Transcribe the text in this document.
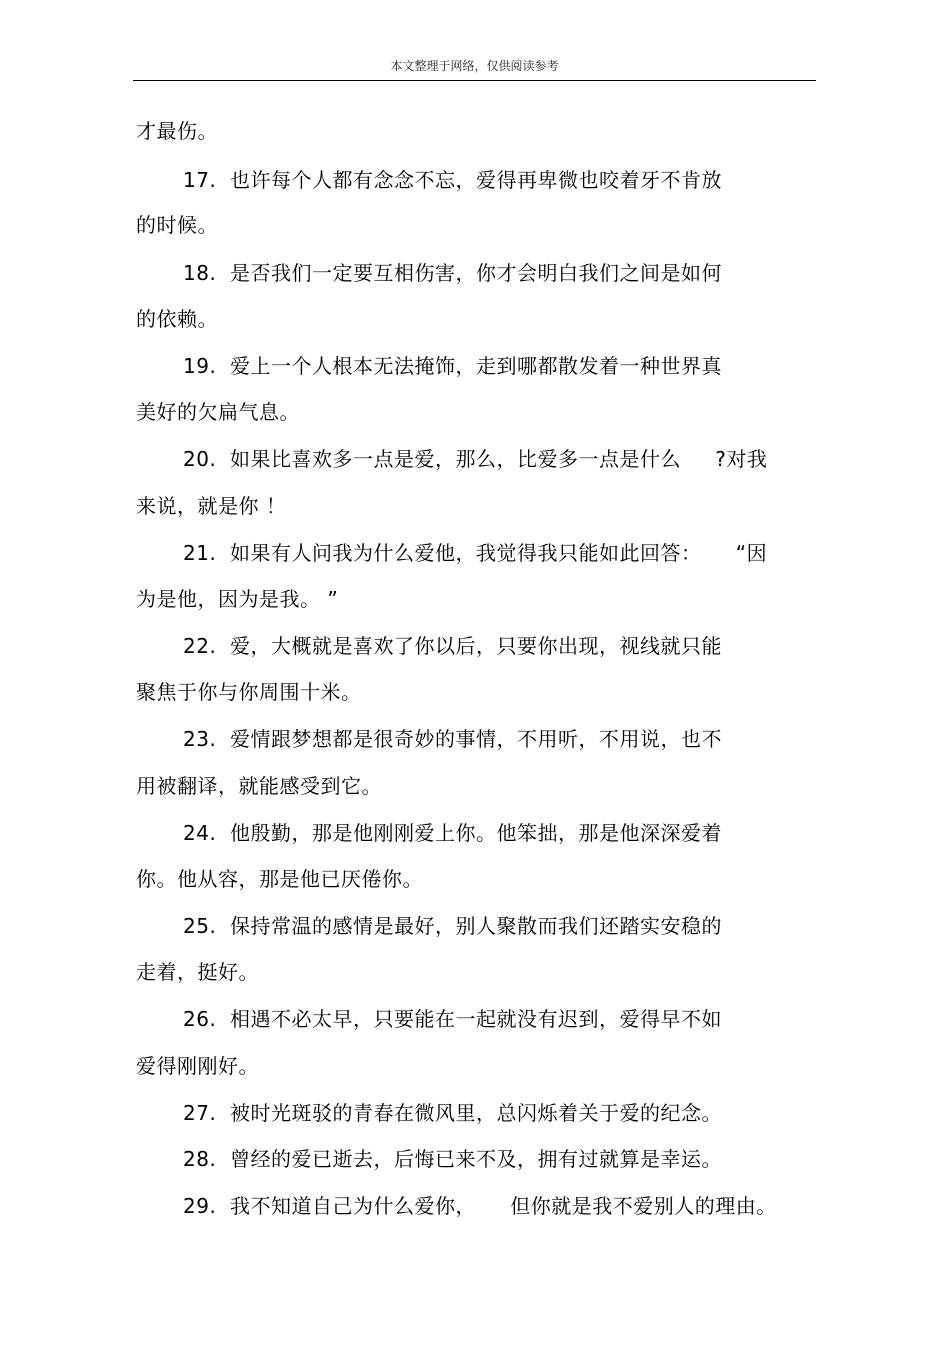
本文整理于网络，仅供阅读参考
才最伤。
17.  也许每个人都有念念不忘，爱得再卑微也咬着牙不肯放
的时候。
18.  是否我们一定要互相伤害，你才会明白我们之间是如何
的依赖。
19.  爱上一个人根本无法掩饰，走到哪都散发着一种世界真
美好的欠扁气息。
20.  如果比喜欢多一点是爱，那么，比爱多一点是什么     ?对我
来说，就是你 ！
21.  如果有人问我为什么爱他，我觉得我只能如此回答：     “因
为是他，因为是我。 ”
22.  爱，大概就是喜欢了你以后，只要你出现，视线就只能
聚焦于你与你周围十米。
23.  爱情跟梦想都是很奇妙的事情，不用听，不用说，也不
用被翻译，就能感受到它。
24.  他殷勤，那是他刚刚爱上你。他笨拙，那是他深深爱着
你。他从容，那是他已厌倦你。
25.  保持常温的感情是最好，别人聚散而我们还踏实安稳的
走着，挺好。
26.  相遇不必太早，只要能在一起就没有迟到，爱得早不如
爱得刚刚好。
27.  被时光斑驳的青春在微风里，总闪烁着关于爱的纪念。
28.  曾经的爱已逝去，后悔已来不及，拥有过就算是幸运。
29.  我不知道自己为什么爱你，     但你就是我不爱别人的理由。
